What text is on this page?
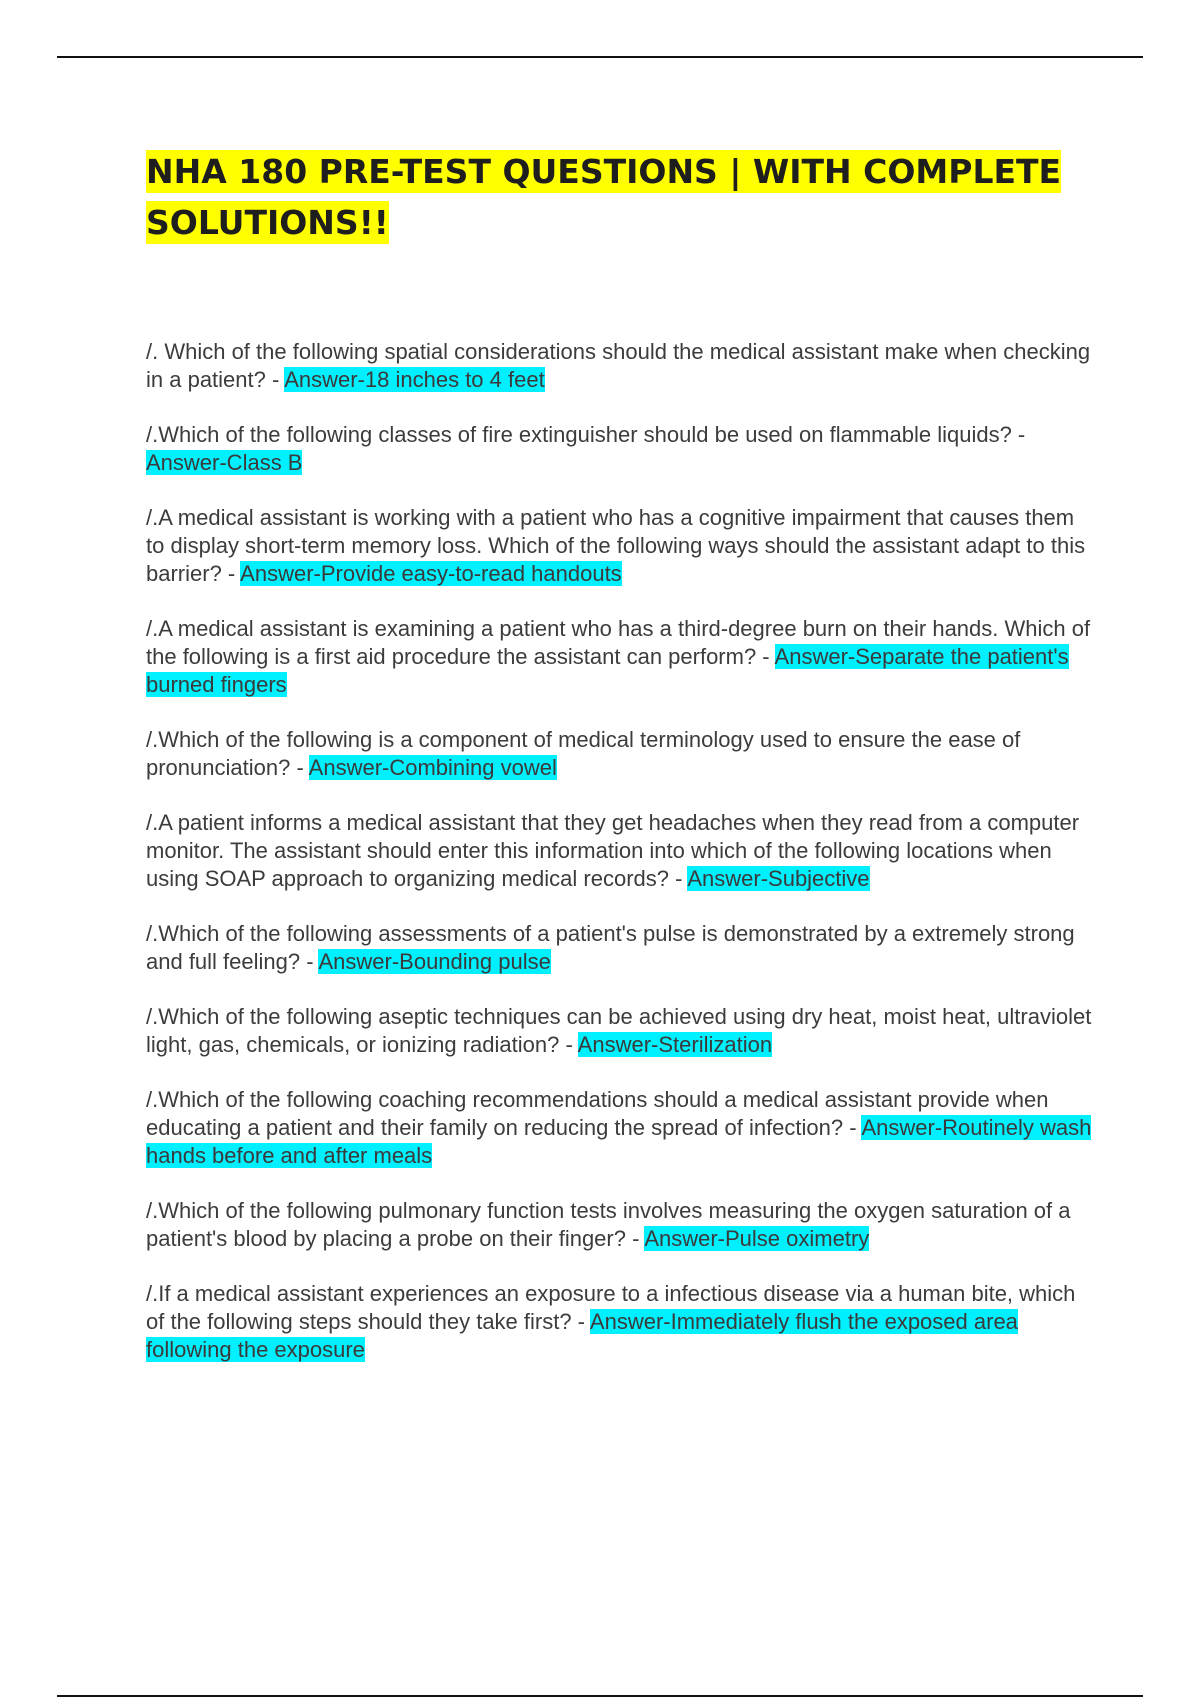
NHA 180 PRE-TEST QUESTIONS | WITH COMPLETE SOLUTIONS!!

/. Which of the following spatial considerations should the medical assistant make when checking in a patient? - Answer-18 inches to 4 feet

/.Which of the following classes of fire extinguisher should be used on flammable liquids? - Answer-Class B

/.A medical assistant is working with a patient who has a cognitive impairment that causes them to display short-term memory loss. Which of the following ways should the assistant adapt to this barrier? - Answer-Provide easy-to-read handouts

/.A medical assistant is examining a patient who has a third-degree burn on their hands. Which of the following is a first aid procedure the assistant can perform? - Answer-Separate the patient's burned fingers

/.Which of the following is a component of medical terminology used to ensure the ease of pronunciation? - Answer-Combining vowel

/.A patient informs a medical assistant that they get headaches when they read from a computer monitor. The assistant should enter this information into which of the following locations when using SOAP approach to organizing medical records? - Answer-Subjective

/.Which of the following assessments of a patient's pulse is demonstrated by a extremely strong and full feeling? - Answer-Bounding pulse

/.Which of the following aseptic techniques can be achieved using dry heat, moist heat, ultraviolet light, gas, chemicals, or ionizing radiation? - Answer-Sterilization

/.Which of the following coaching recommendations should a medical assistant provide when educating a patient and their family on reducing the spread of infection? - Answer-Routinely wash hands before and after meals

/.Which of the following pulmonary function tests involves measuring the oxygen saturation of a patient's blood by placing a probe on their finger? - Answer-Pulse oximetry

/.If a medical assistant experiences an exposure to a infectious disease via a human bite, which of the following steps should they take first? - Answer-Immediately flush the exposed area following the exposure
